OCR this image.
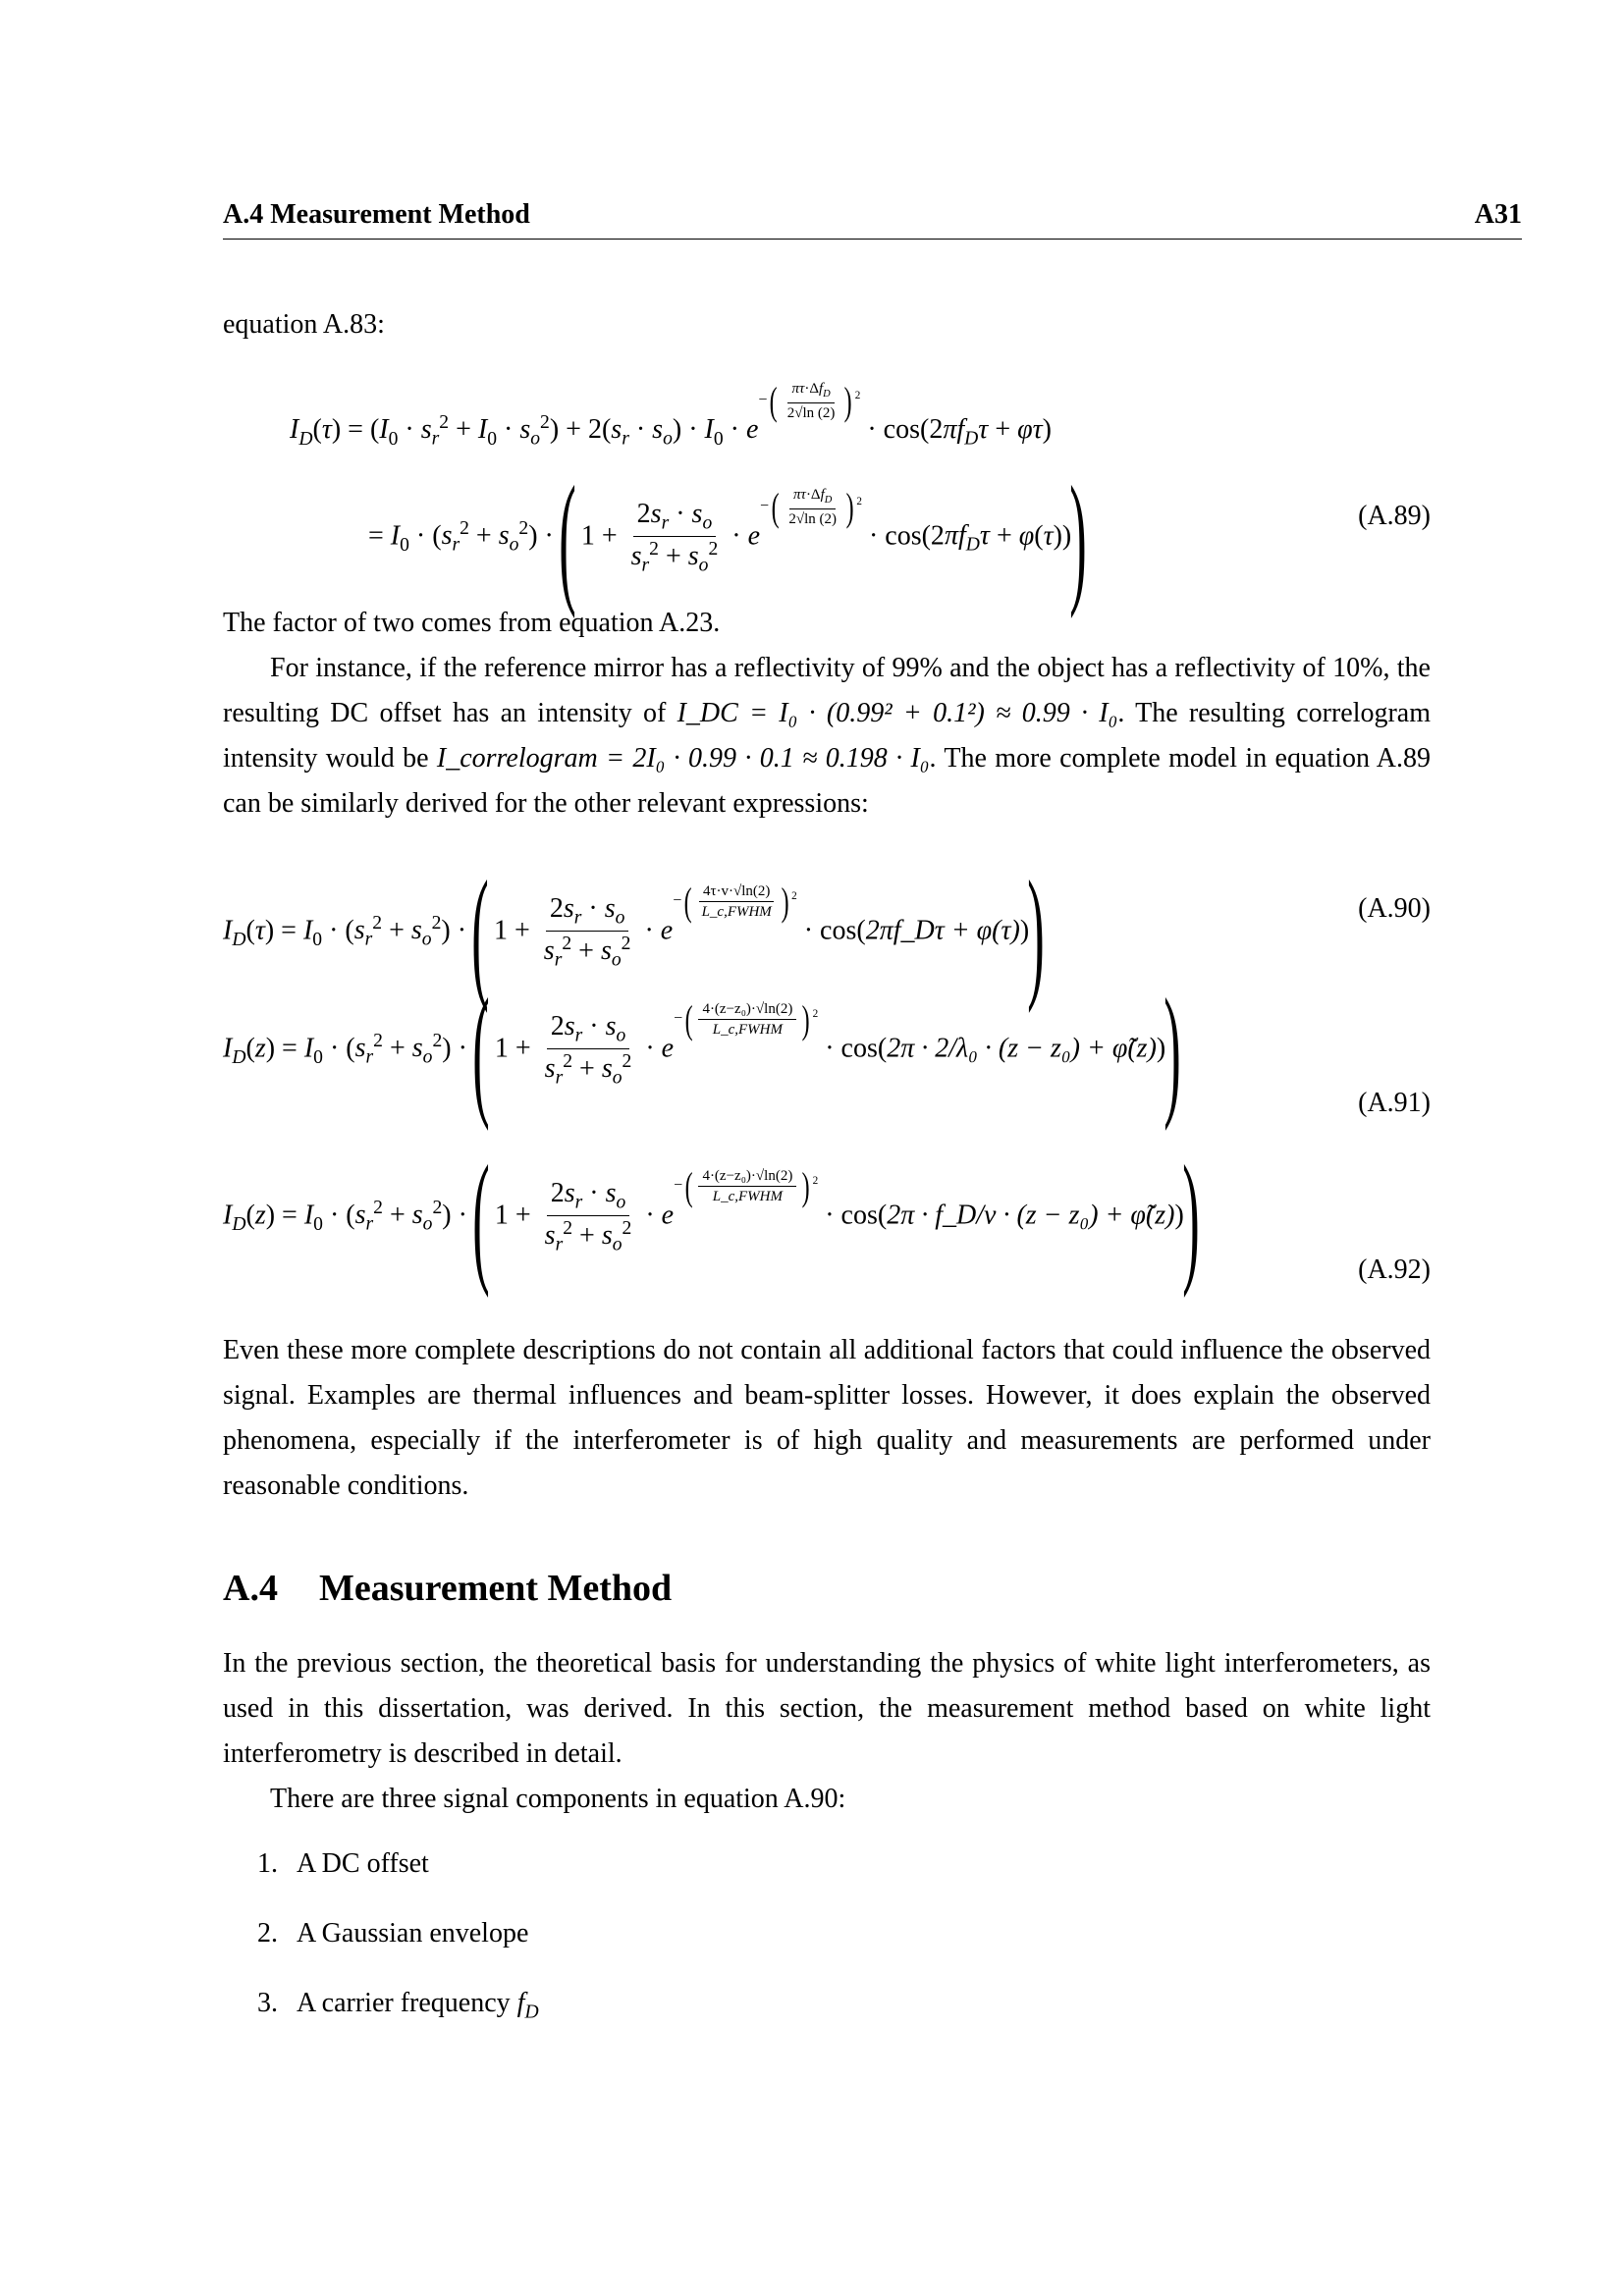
A.4 Measurement Method	A31
equation A.83:
$I_D(\tau) = (I_0 \cdot s_r^2 + I_0 \cdot s_o^2) + 2(s_r \cdot s_o) \cdot I_0 \cdot e-( \frac{\pi\tau\cdot\Delta f_D}{2√\ln (2)}$ ) $^2 \cdot \cos(2\pi f_D\tau + \varphi\tau)$
= $I_0 \cdot (s_r^2 + s_o^2)$ · ( $1 + \frac{2s_r \cdot s_o}{s_r^2 + s_o^2} \cdot e-( \frac{\pi\tau\cdot\Delta f_D}{2√\ln (2)}$ ) $^2 \cdot \cos(2\pi f_D\tau + \varphi(\tau))$)	(A.89)
The factor of two comes from equation A.23.
For instance, if the reference mirror has a reflectivity of 99% and the object has a reflectivity of 10%, the resulting DC offset has an intensity of I_DC = I₀ · (0.99² + 0.1²) ≈ 0.99 · I₀. The resulting correlogram intensity would be I_correlogram = 2I₀ · 0.99 · 0.1 ≈ 0.198 · I₀. The more complete model in equation A.89 can be similarly derived for the other relevant expressions:
$I_D(\tau) = I_0 \cdot (s_r^2 + s_o^2)$ · ( $1 + \frac{2s_r \cdot s_o}{s_r^2 + s_o^2} \cdot e-( \frac{4\tau\cdot v\cdot√\ln(2)}{\text{L\_c,FWHM}}$ ) $^2$ · cos(2πf_Dτ + φ(τ)))	(A.90)
$I_D(z) = I_0 \cdot (s_r^2 + s_o^2)$ · ( $1 + \frac{2s_r \cdot s_o}{s_r^2 + s_o^2} \cdot e-( \frac{\text{4·(z−z₀)·√ln(2)}}{\text{L\_c,FWHM}}$ ) $^2$ · cos(2π · 2/λ₀ · (z − z₀) + φ̃(z)))	(A.91)
$I_D(z) = I_0 \cdot (s_r^2 + s_o^2)$ · ( $1 + \frac{2s_r \cdot s_o}{s_r^2 + s_o^2} \cdot e-( \frac{\text{4·(z−z₀)·√ln(2)}}{\text{L\_c,FWHM}}$ ) $^2$ · cos(2π · f_D/v · (z − z₀) + φ̃(z)))	(A.92)
Even these more complete descriptions do not contain all additional factors that could influence the observed signal. Examples are thermal influences and beam-splitter losses. However, it does explain the observed phenomena, especially if the interferometer is of high quality and measurements are performed under reasonable conditions.
A.4 Measurement Method
In the previous section, the theoretical basis for understanding the physics of white light interferometers, as used in this dissertation, was derived. In this section, the measurement method based on white light interferometry is described in detail.
There are three signal components in equation A.90:
1. A DC offset
2. A Gaussian envelope
3. A carrier frequency $f_D$
